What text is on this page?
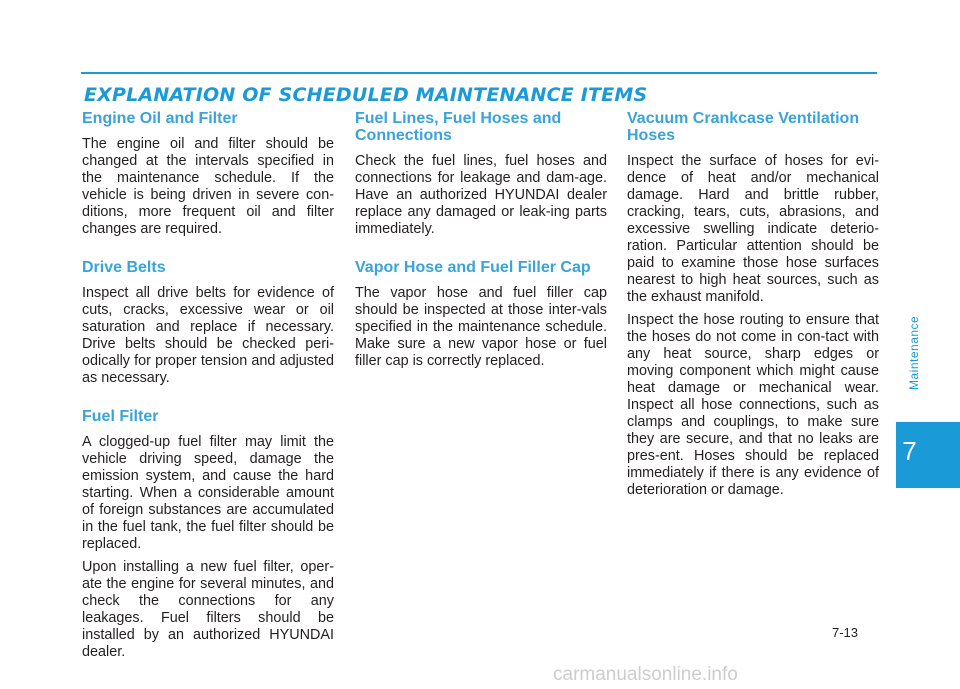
EXPLANATION OF SCHEDULED MAINTENANCE ITEMS
Engine Oil and Filter

The engine oil and filter should be changed at the intervals specified in the maintenance schedule. If the vehicle is being driven in severe con-ditions, more frequent oil and filter changes are required.

Drive Belts

Inspect all drive belts for evidence of cuts, cracks, excessive wear or oil saturation and replace if necessary. Drive belts should be checked peri-odically for proper tension and adjusted as necessary.

Fuel Filter

A clogged-up fuel filter may limit the vehicle driving speed, damage the emission system, and cause the hard starting. When a considerable amount of foreign substances are accumulated in the fuel tank, the fuel filter should be replaced.

Upon installing a new fuel filter, oper-ate the engine for several minutes, and check the connections for any leakages. Fuel filters should be installed by an authorized HYUNDAI dealer.

Fuel Lines, Fuel Hoses and Connections

Check the fuel lines, fuel hoses and connections for leakage and dam-age. Have an authorized HYUNDAI dealer replace any damaged or leak-ing parts immediately.

Vapor Hose and Fuel Filler Cap

The vapor hose and fuel filler cap should be inspected at those inter-vals specified in the maintenance schedule. Make sure a new vapor hose or fuel filler cap is correctly replaced.

Vacuum Crankcase Ventilation Hoses

Inspect the surface of hoses for evi-dence of heat and/or mechanical damage. Hard and brittle rubber, cracking, tears, cuts, abrasions, and excessive swelling indicate deterio-ration. Particular attention should be paid to examine those hose surfaces nearest to high heat sources, such as the exhaust manifold.

Inspect the hose routing to ensure that the hoses do not come in con-tact with any heat source, sharp edges or moving component which might cause heat damage or mechanical wear. Inspect all hose connections, such as clamps and couplings, to make sure they are secure, and that no leaks are pres-ent. Hoses should be replaced immediately if there is any evidence of deterioration or damage.

Maintenance
7
7-13
carmanualsonline.info
